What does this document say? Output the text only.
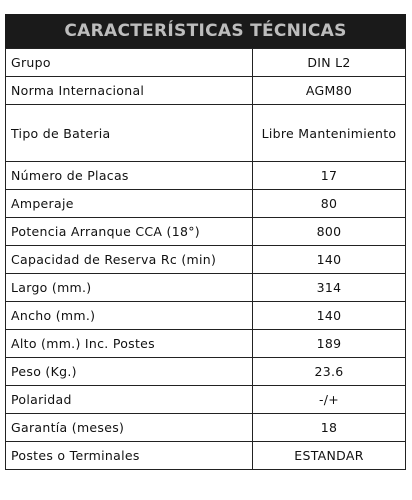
CARACTERÍSTICAS TÉCNICAS
Grupo	DIN L2
Norma Internacional	AGM80
Tipo de Bateria	Libre Mantenimiento
Número de Placas	17
Amperaje	80
Potencia Arranque CCA (18°)	800
Capacidad de Reserva Rc (min)	140
Largo (mm.)	314
Ancho (mm.)	140
Alto (mm.) Inc. Postes	189
Peso (Kg.)	23.6
Polaridad	-/+
Garantía (meses)	18
Postes o Terminales	ESTANDAR
